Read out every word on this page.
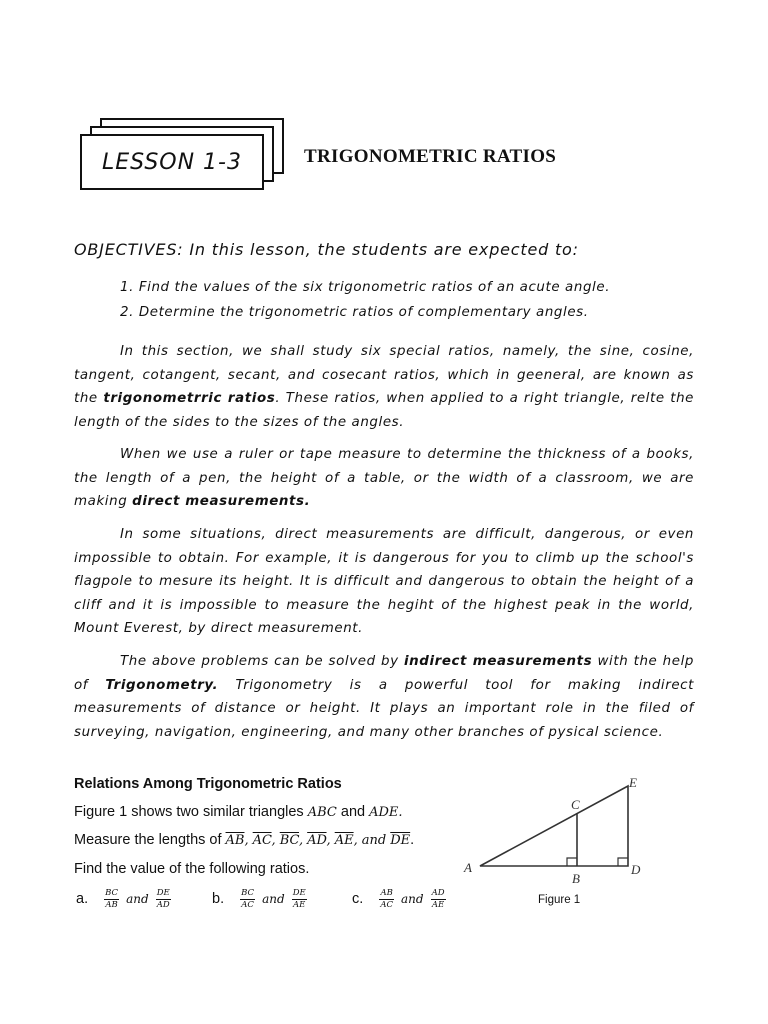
LESSON 1-3	TRIGONOMETRIC RATIOS
OBJECTIVES: In this lesson, the students are expected to:
1. Find the values of the six trigonometric ratios of an acute angle.
2. Determine the trigonometric ratios of complementary angles.
In this section, we shall study six special ratios, namely, the sine, cosine, tangent, cotangent, secant, and cosecant ratios, which in geeneral, are known as the trigonometrric ratios. These ratios, when applied to a right triangle, relte the length of the sides to the sizes of the angles.
When we use a ruler or tape measure to determine the thickness of a books, the length of a pen, the height of a table, or the width of a classroom, we are making direct measurements.
In some situations, direct measurements are difficult, dangerous, or even impossible to obtain. For example, it is dangerous for you to climb up the school's flagpole to mesure its height. It is difficult and dangerous to obtain the height of a cliff and it is impossible to measure the hegiht of the highest peak in the world, Mount Everest, by direct measurement.
The above problems can be solved by indirect measurements with the help of Trigonometry. Trigonometry is a powerful tool for making indirect measurements of distance or height. It plays an important role in the filed of surveying, navigation, engineering, and many other branches of pysical science.
Relations Among Trigonometric Ratios
Figure 1 shows two similar triangles ABC and ADE.
Measure the lengths of $\overline{AB}$, $\overline{AC}$, $\overline{BC}$, $\overline{AD}$, $\overline{AE}$, and $\overline{DE}$.
Find the value of the following ratios.
a. $\frac{BC}{AB}$ and $\frac{DE}{AD}$	b. $\frac{BC}{AC}$ and $\frac{DE}{AE}$	c. $\frac{AB}{AC}$ and $\frac{AD}{AE}$
A
B
C
D
E
Figure 1
